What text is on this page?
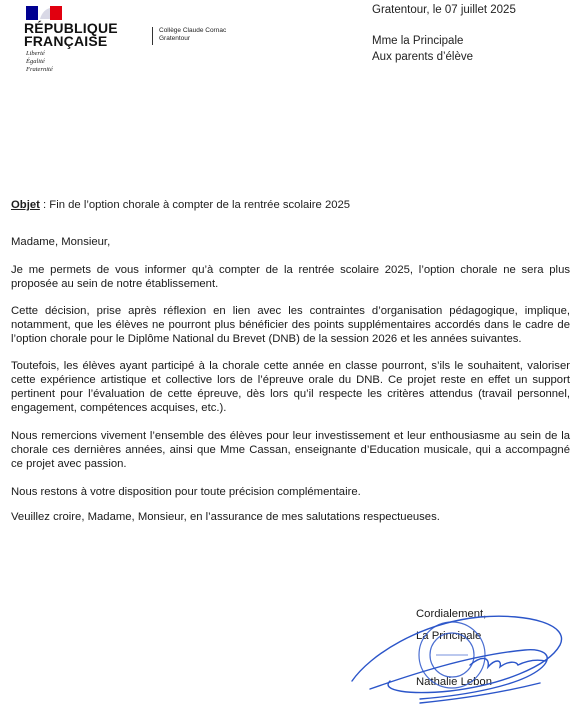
RÉPUBLIQUE
FRANÇAISE
Liberté
Égalité
Fraternité
Collège Claude Cornac
Gratentour
Gratentour, le 07 juillet 2025
Mme la Principale
Aux parents d’élève
Objet : Fin de l’option chorale à compter de la rentrée scolaire 2025
Madame, Monsieur,
Je me permets de vous informer qu’à compter de la rentrée scolaire 2025, l’option chorale ne sera plus proposée au sein de notre établissement.
Cette décision, prise après réflexion en lien avec les contraintes d’organisation pédagogique, implique, notamment, que les élèves ne pourront plus bénéficier des points supplémentaires accordés dans le cadre de l’option chorale pour le Diplôme National du Brevet (DNB) de la session 2026 et les années suivantes.
Toutefois, les élèves ayant participé à la chorale cette année en classe pourront, s’ils le souhaitent, valoriser cette expérience artistique et collective lors de l’épreuve orale du DNB. Ce projet reste en effet un support pertinent pour l’évaluation de cette épreuve, dès lors qu’il respecte les critères attendus (travail personnel, engagement, compétences acquises, etc.).
Nous remercions vivement l’ensemble des élèves pour leur investissement et leur enthousiasme au sein de la chorale ces dernières années, ainsi que Mme Cassan, enseignante d’Education musicale, qui a accompagné ce projet avec passion.
Nous restons à votre disposition pour toute précision complémentaire.
Veuillez croire, Madame, Monsieur, en l’assurance de mes salutations respectueuses.
Cordialement,
La Principale
Nathalie Lebon
